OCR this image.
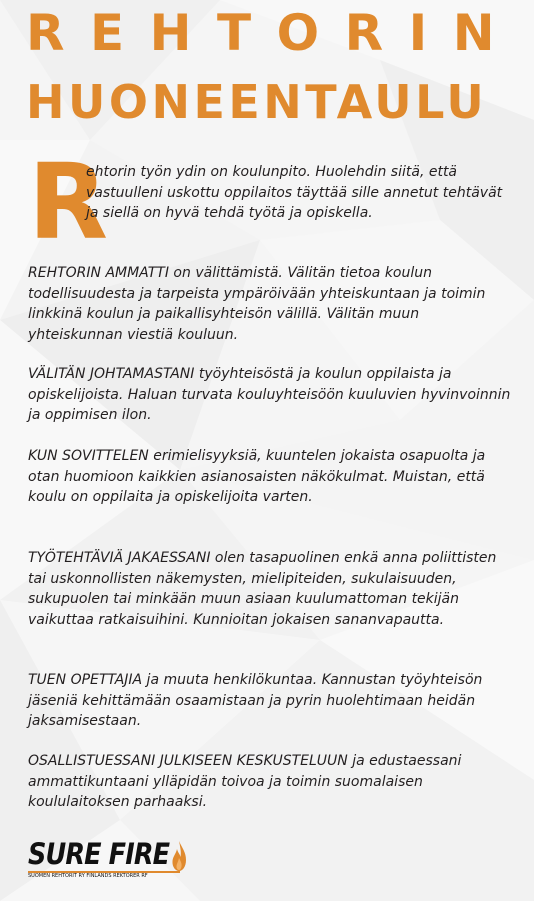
REHTORIN
HUONEENTAULU
R

ehtorin työn ydin on koulunpito. Huolehdin siitä, että vastuulleni uskottu oppilaitos täyttää sille annetut tehtävät ja siellä on hyvä tehdä työtä ja opiskella.

REHTORIN AMMATTI on välittämistä. Välitän tietoa koulun todellisuudesta ja tarpeista ympäröivään yhteiskuntaan ja toimin linkkinä koulun ja paikallisyhteisön välillä. Välitän muun yhteiskunnan viestiä kouluun.

VÄLITÄN JOHTAMASTANI työyhteisöstä ja koulun oppilaista ja opiskelijoista. Haluan turvata kouluyhteisöön kuuluvien hyvinvoinnin ja oppimisen ilon.

KUN SOVITTELEN erimielisyyksiä, kuuntelen jokaista osapuolta ja otan huomioon kaikkien asianosaisten näkökulmat. Muistan, että koulu on oppilaita ja opiskelijoita varten.

TYÖTEHTÄVIÄ JAKAESSANI olen tasapuolinen enkä anna poliittisten tai uskonnollisten näkemysten, mielipiteiden, sukulaisuuden, sukupuolen tai minkään muun asiaan kuulumattoman tekijän vaikuttaa ratkaisuihini. Kunnioitan jokaisen sananvapautta.

TUEN OPETTAJIA ja muuta henkilökuntaa. Kannustan työyhteisön jäseniä kehittämään osaamistaan ja pyrin huolehtimaan heidän jaksamisestaan.

OSALLISTUESSANI JULKISEEN KESKUSTELUUN ja edustaessani ammattikuntaani ylläpidän toivoa ja toimin suomalaisen koululaitoksen parhaaksi.

SURE FIRE
SUOMEN REHTORIT RY FINLANDS REKTORER RF
